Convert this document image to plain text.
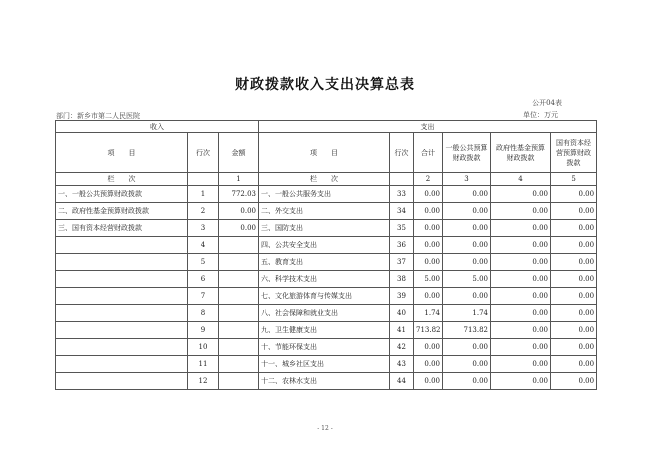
财政拨款收入支出决算总表
公开04表
单位：万元
部门：新乡市第二人民医院
收入			支出					
项　　目	行次	金额	项　　目	行次	合计	一般公共预算财政拨款	政府性基金预算财政拨款	国有资本经营预算财政拨款
栏　　次		1	栏　　次		2	3	4	5
一、一般公共预算财政拨款	1	772.03	一、一般公共服务支出	33	0.00	0.00	0.00	0.00
二、政府性基金预算财政拨款	2	0.00	二、外交支出	34	0.00	0.00	0.00	0.00
三、国有资本经营财政拨款	3	0.00	三、国防支出	35	0.00	0.00	0.00	0.00
	4		四、公共安全支出	36	0.00	0.00	0.00	0.00
	5		五、教育支出	37	0.00	0.00	0.00	0.00
	6		六、科学技术支出	38	5.00	5.00	0.00	0.00
	7		七、文化旅游体育与传媒支出	39	0.00	0.00	0.00	0.00
	8		八、社会保障和就业支出	40	1.74	1.74	0.00	0.00
	9		九、卫生健康支出	41	713.82	713.82	0.00	0.00
	10		十、节能环保支出	42	0.00	0.00	0.00	0.00
	11		十一、城乡社区支出	43	0.00	0.00	0.00	0.00
	12		十二、农林水支出	44	0.00	0.00	0.00	0.00
- 12 -
